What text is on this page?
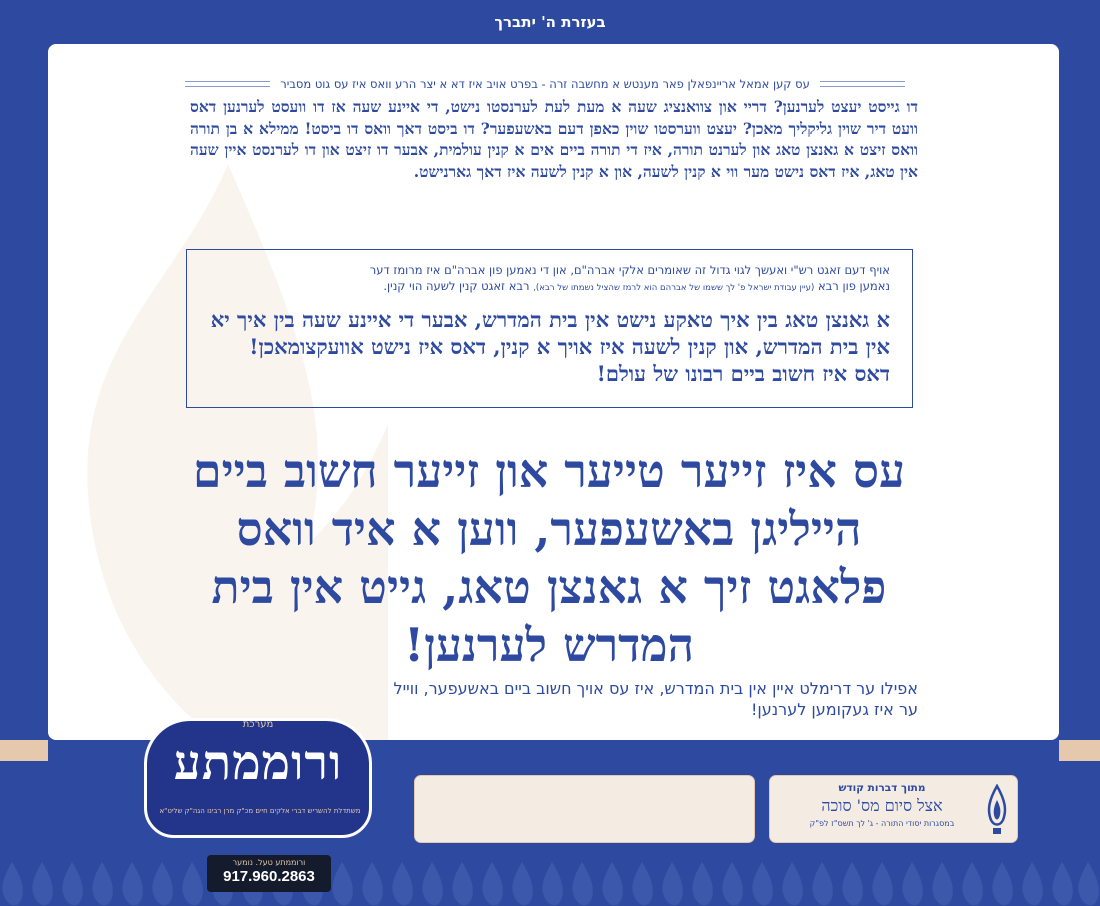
בעזרת ה' יתברך
עס קען אמאל אריינפאלן פאר מענטש א מחשבה זרה - בפרט אויב איז דא א יצר הרע וואס איז עס גוט מסביר
דו גייסט יעצט לערנען? דריי און צוואנציג שעה א מעת לעת לערנסטו נישט, די איינע שעה אז דו וועסט לערנען דאס וועט דיר שוין גליקליך מאכן? יעצט ווערסטו שוין כאפן דעם באשעפער? דו ביסט דאך וואס דו ביסט! ממילא א בן תורה וואס זיצט א גאנצן טאג און לערנט תורה, איז די תורה ביים אים א קנין עולמית, אבער דו זיצט און דו לערנסט איין שעה אין טאג, איז דאס נישט מער ווי א קנין לשעה, און א קנין לשעה איז דאך גארנישט.
אויף דעם זאגט רש"י ואעשך לגוי גדול זה שאומרים אלקי אברה"ם, און די נאמען פון אברה"ם איז מרומז דער
נאמען פון רבא (עיין עבודת ישראל פ' לך ששמו של אברהם הוא לרמז שהציל נשמתו של רבא), רבא זאגט קנין לשעה הוי קנין.
א גאנצן טאג בין איך טאקע נישט אין בית המדרש, אבער די איינע שעה בין איך יא אין בית המדרש, און קנין לשעה איז אויך א קנין, דאס איז נישט אוועקצומאכן! דאס איז חשוב ביים רבונו של עולם!
עס איז זייער טייער און זייער חשוב ביים הייליגן באשעפער, ווען א איד וואס פלאגט זיך א גאנצן טאג, גייט אין בית המדרש לערנען!
אפילו ער דרימלט איין אין בית המדרש, איז עס אויך חשוב ביים באשעפער, ווייל ער איז געקומען לערנען!
מערכת
ורוממתע
משתדלת להשריש דברי אלקים חיים מכ"ק מרן רבינו הגה"ק שליט"א
ורוממתע טעל. נומער
917.960.2863
מתוך דברות קודש
אצל סיום מס' סוכה
במסגרות יסודי התורה - ג' לך תשס"ז לפ"ק
